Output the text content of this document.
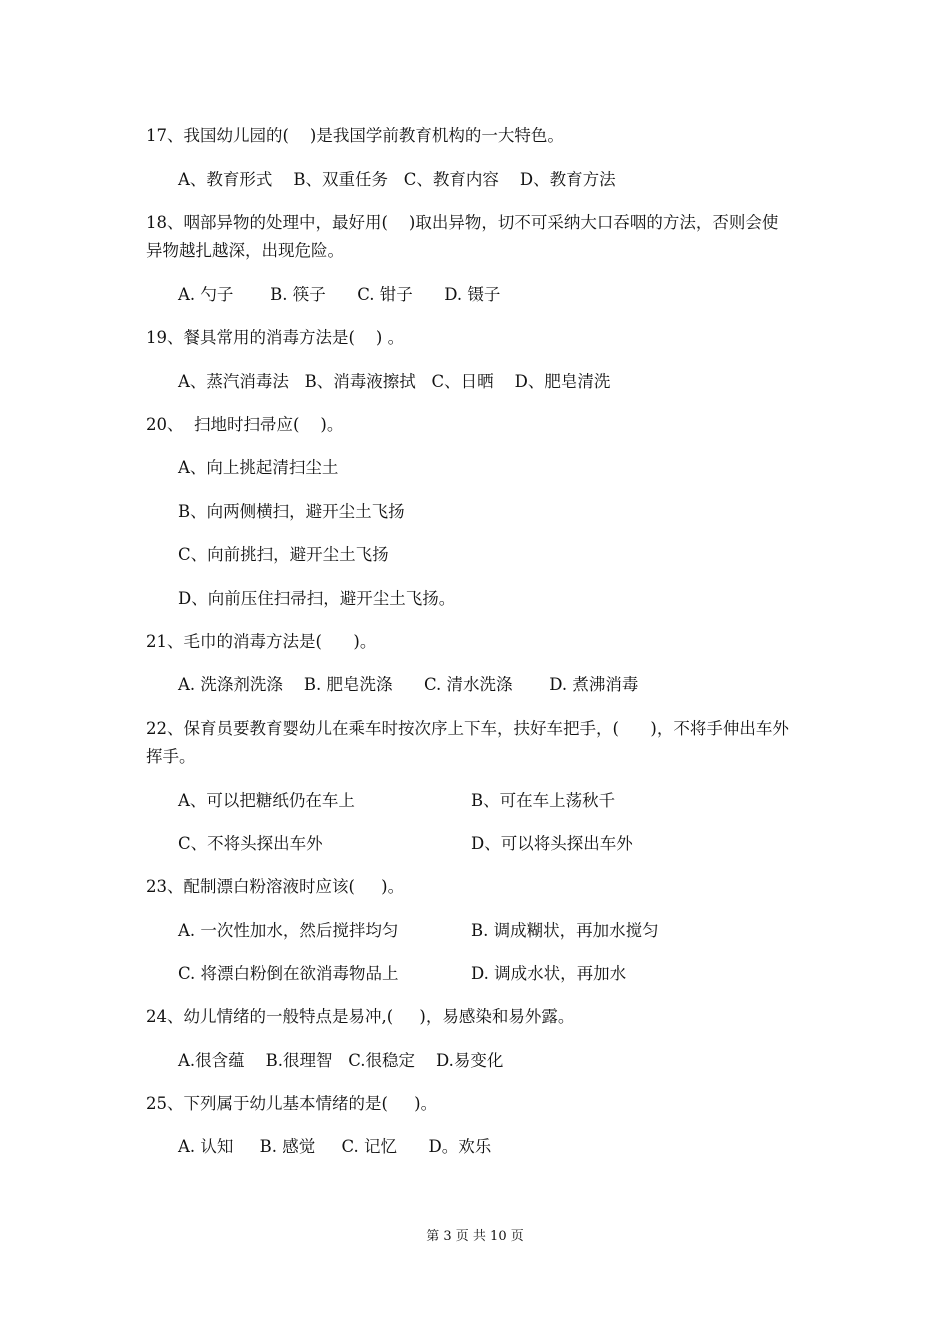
17、我国幼儿园的(    )是我国学前教育机构的一大特色。
A、教育形式    B、双重任务   C、教育内容    D、教育方法
18、咽部异物的处理中，最好用(    )取出异物，切不可采纳大口吞咽的方法，否则会使
异物越扎越深，出现危险。
A. 勺子       B. 筷子      C. 钳子      D. 镊子
19、餐具常用的消毒方法是(    ) 。
A、蒸汽消毒法   B、消毒液擦拭   C、日晒    D、肥皂清洗
20、  扫地时扫帚应(    )。
A、向上挑起清扫尘土
B、向两侧横扫，避开尘土飞扬
C、向前挑扫，避开尘土飞扬
D、向前压住扫帚扫，避开尘土飞扬。
21、毛巾的消毒方法是(      )。
A. 洗涤剂洗涤    B. 肥皂洗涤      C. 清水洗涤       D. 煮沸消毒
22、保育员要教育婴幼儿在乘车时按次序上下车，扶好车把手，(      )，不将手伸出车外
挥手。
A、可以把糖纸仍在车上	B、可在车上荡秋千
C、不将头探出车外	D、可以将头探出车外
23、配制漂白粉溶液时应该(     )。
A. 一次性加水，然后搅拌均匀	B. 调成糊状，再加水搅匀
C. 将漂白粉倒在欲消毒物品上	D. 调成水状，再加水
24、幼儿情绪的一般特点是易冲,(     )，易感染和易外露。
A.很含蕴    B.很理智   C.很稳定    D.易变化
25、下列属于幼儿基本情绪的是(     )。
A. 认知     B. 感觉     C. 记忆      D。欢乐
第 3 页 共 10 页
